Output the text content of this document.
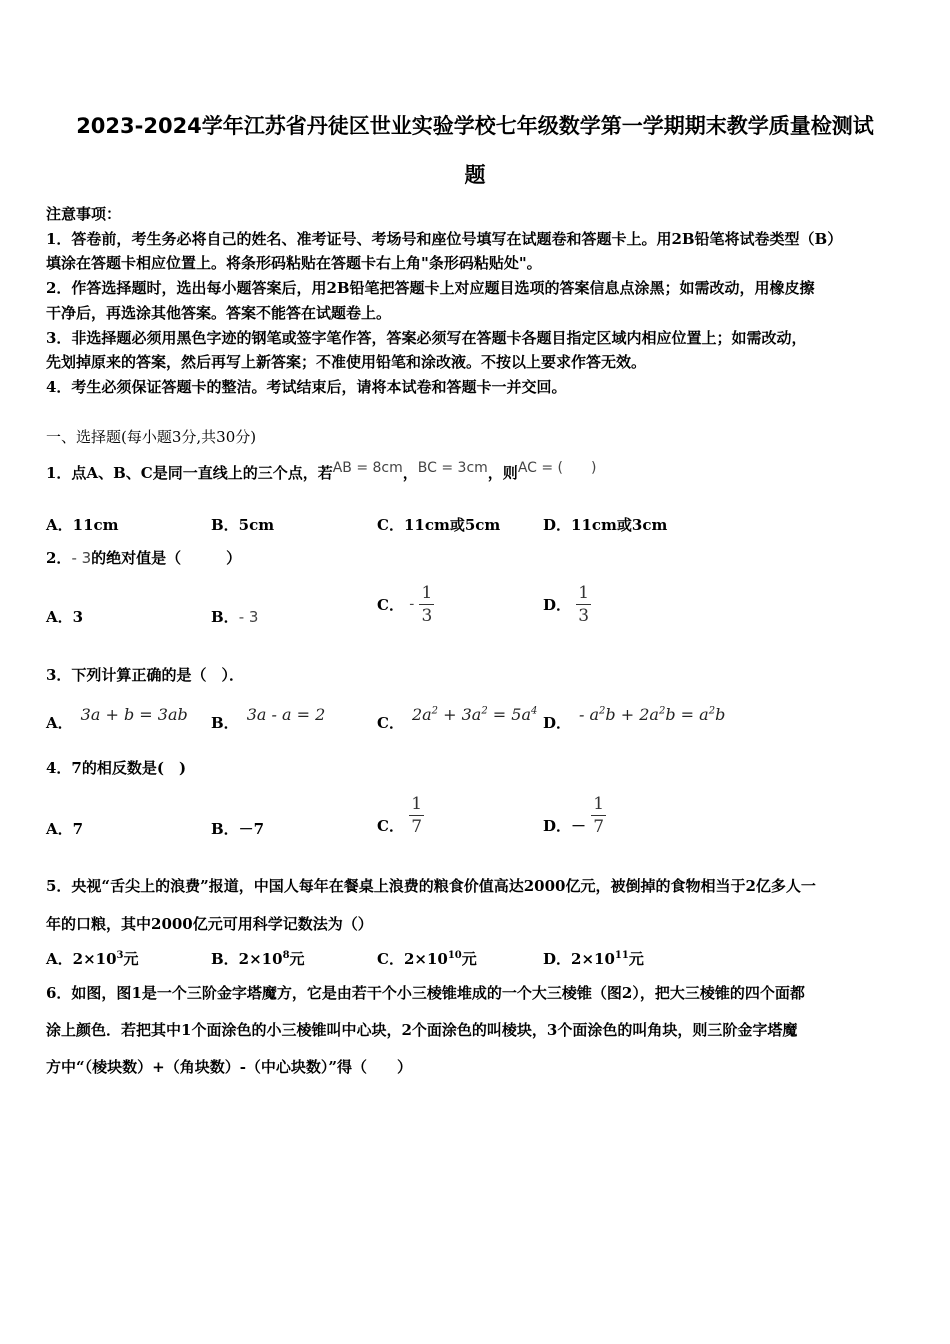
2023-2024学年江苏省丹徒区世业实验学校七年级数学第一学期期末教学质量检测试
题
注意事项：
1．答卷前，考生务必将自己的姓名、准考证号、考场号和座位号填写在试题卷和答题卡上。用2B铅笔将试卷类型（B）
填涂在答题卡相应位置上。将条形码粘贴在答题卡右上角"条形码粘贴处"。
2．作答选择题时，选出每小题答案后，用2B铅笔把答题卡上对应题目选项的答案信息点涂黑；如需改动，用橡皮擦
干净后，再选涂其他答案。答案不能答在试题卷上。
3．非选择题必须用黑色字迹的钢笔或签字笔作答，答案必须写在答题卡各题目指定区域内相应位置上；如需改动，
先划掉原来的答案，然后再写上新答案；不准使用铅笔和涂改液。不按以上要求作答无效。
4．考生必须保证答题卡的整洁。考试结束后，请将本试卷和答题卡一并交回。
一、选择题(每小题3分,共30分)
1．点A、B、C是同一直线上的三个点，若AB = 8cm，BC = 3cm，则AC = (　　)
A．11cm	B．5cm	C．11cm或5cm	D．11cm或3cm
2．- 3的绝对值是（　　　）
A．3	B．- 3
C． - $\frac{1}{3}$	D． $\frac{1}{3}$
3．下列计算正确的是（　）．
A． 3a + b = 3ab B． 3a - a = 2	C． $2a^2 + 3a^2 = 5a^4$
D． - $a^2b + 2a^2b = a^2b$
4．7的相反数是(　)
A．7	B．－7	C． $\frac{1}{7}$	D．－ $\frac{1}{7}$
5．央视“舌尖上的浪费”报道，中国人每年在餐桌上浪费的粮食价值高达2000亿元，被倒掉的食物相当于2亿多人一
年的口粮，其中2000亿元可用科学记数法为（）
A．$2\times 10^3$元	B．$2\times 10^8$元	C．$2\times 10^{10}$元	D．$2\times 10^{11}$元
6．如图，图1是一个三阶金字塔魔方，它是由若干个小三棱锥堆成的一个大三棱锥（图2），把大三棱锥的四个面都
涂上颜色．若把其中1个面涂色的小三棱锥叫中心块，2个面涂色的叫棱块，3个面涂色的叫角块，则三阶金字塔魔
方中“（棱块数）+（角块数）-（中心块数）”得（　　）
